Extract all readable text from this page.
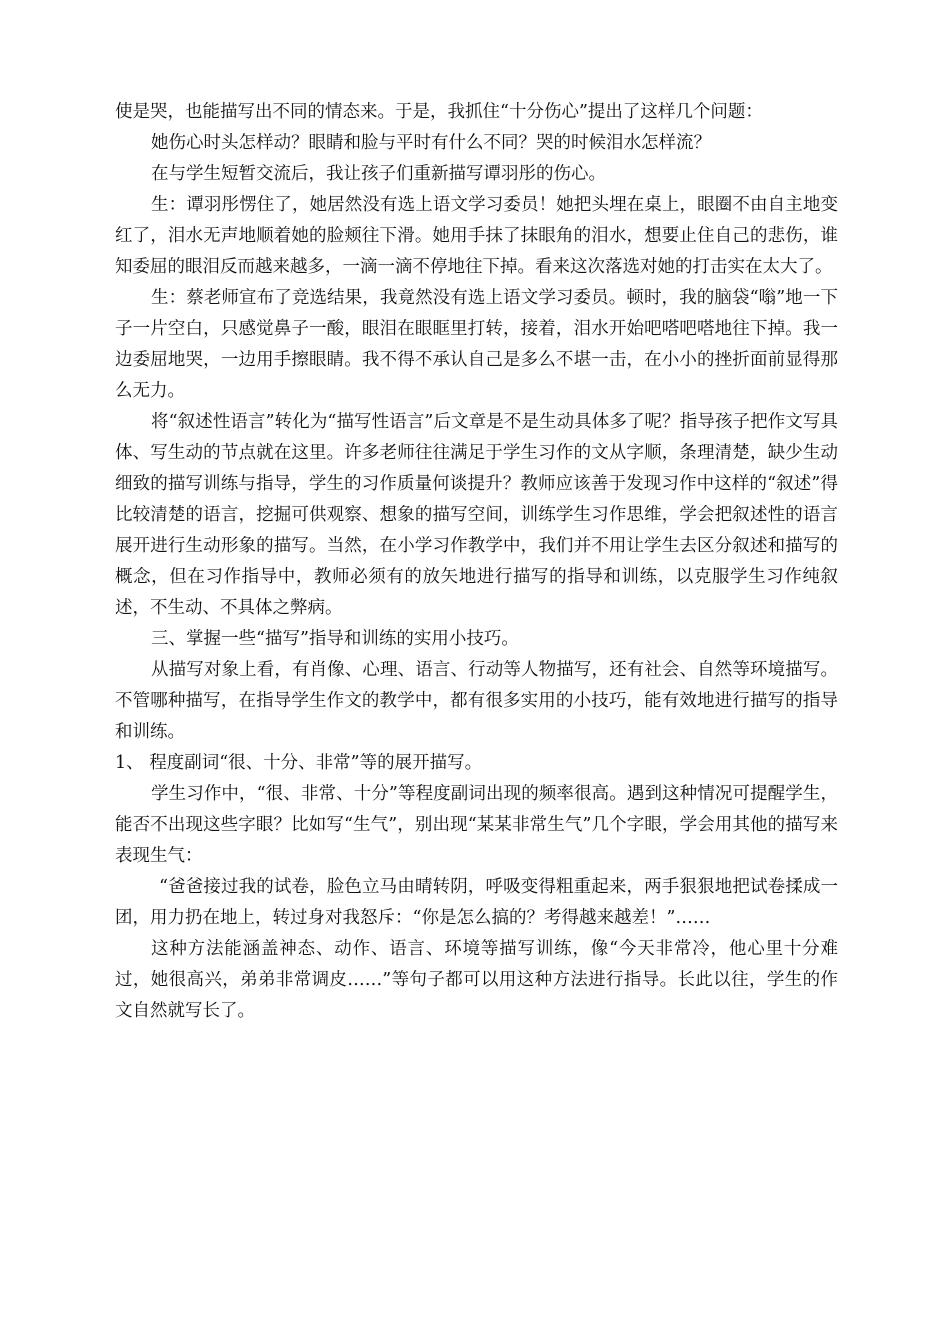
使是哭，也能描写出不同的情态来。于是，我抓住“十分伤心”提出了这样几个问题：

她伤心时头怎样动？眼睛和脸与平时有什么不同？哭的时候泪水怎样流？

在与学生短暂交流后，我让孩子们重新描写谭羽彤的伤心。

生：谭羽彤愣住了，她居然没有选上语文学习委员！她把头埋在桌上，眼圈不由自主地变红了，泪水无声地顺着她的脸颊往下滑。她用手抹了抹眼角的泪水，想要止住自己的悲伤，谁知委屈的眼泪反而越来越多，一滴一滴不停地往下掉。看来这次落选对她的打击实在太大了。

生：蔡老师宣布了竞选结果，我竟然没有选上语文学习委员。顿时，我的脑袋“嗡”地一下子一片空白，只感觉鼻子一酸，眼泪在眼眶里打转，接着，泪水开始吧嗒吧嗒地往下掉。我一边委屈地哭，一边用手擦眼睛。我不得不承认自己是多么不堪一击，在小小的挫折面前显得那么无力。

将“叙述性语言”转化为“描写性语言”后文章是不是生动具体多了呢？指导孩子把作文写具体、写生动的节点就在这里。许多老师往往满足于学生习作的文从字顺，条理清楚，缺少生动细致的描写训练与指导，学生的习作质量何谈提升？教师应该善于发现习作中这样的“叙述”得比较清楚的语言，挖掘可供观察、想象的描写空间，训练学生习作思维，学会把叙述性的语言展开进行生动形象的描写。当然，在小学习作教学中，我们并不用让学生去区分叙述和描写的概念，但在习作指导中，教师必须有的放矢地进行描写的指导和训练，以克服学生习作纯叙述，不生动、不具体之弊病。

三、掌握一些“描写”指导和训练的实用小技巧。

从描写对象上看，有肖像、心理、语言、行动等人物描写，还有社会、自然等环境描写。不管哪种描写，在指导学生作文的教学中，都有很多实用的小技巧，能有效地进行描写的指导和训练。

1、 程度副词“很、十分、非常”等的展开描写。

学生习作中，“很、非常、十分”等程度副词出现的频率很高。遇到这种情况可提醒学生，能否不出现这些字眼？比如写“生气”，别出现“某某非常生气”几个字眼，学会用其他的描写来表现生气：

“爸爸接过我的试卷，脸色立马由晴转阴，呼吸变得粗重起来，两手狠狠地把试卷揉成一团，用力扔在地上，转过身对我怒斥：“你是怎么搞的？考得越来越差！”……

这种方法能涵盖神态、动作、语言、环境等描写训练，像“今天非常冷，他心里十分难过，她很高兴，弟弟非常调皮……”等句子都可以用这种方法进行指导。长此以往，学生的作文自然就写长了。
